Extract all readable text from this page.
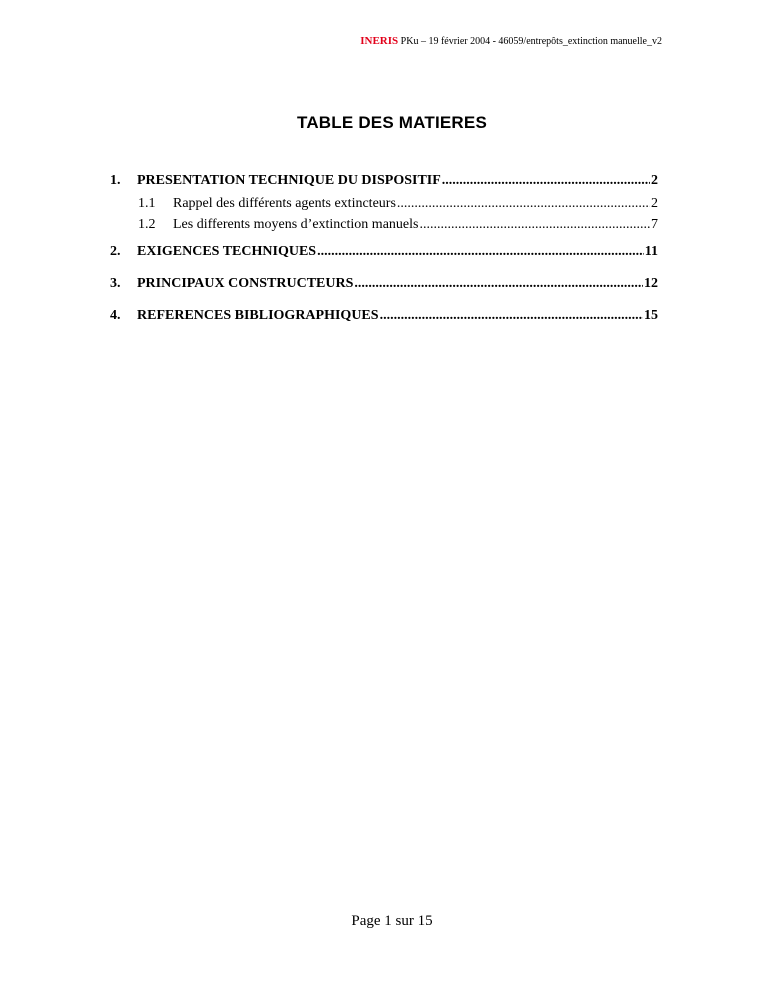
INERIS PKu – 19 février 2004 - 46059/entrepôts_extinction manuelle_v2
TABLE DES MATIERES
1.	PRESENTATION TECHNIQUE DU DISPOSITIF .....	2
1.1	Rappel des différents agents extincteurs .....	2
1.2	Les differents moyens d’extinction manuels .....	7
2.	EXIGENCES TECHNIQUES .....	11
3.	PRINCIPAUX CONSTRUCTEURS .....	12
4.	REFERENCES BIBLIOGRAPHIQUES .....	15
Page 1 sur 15
